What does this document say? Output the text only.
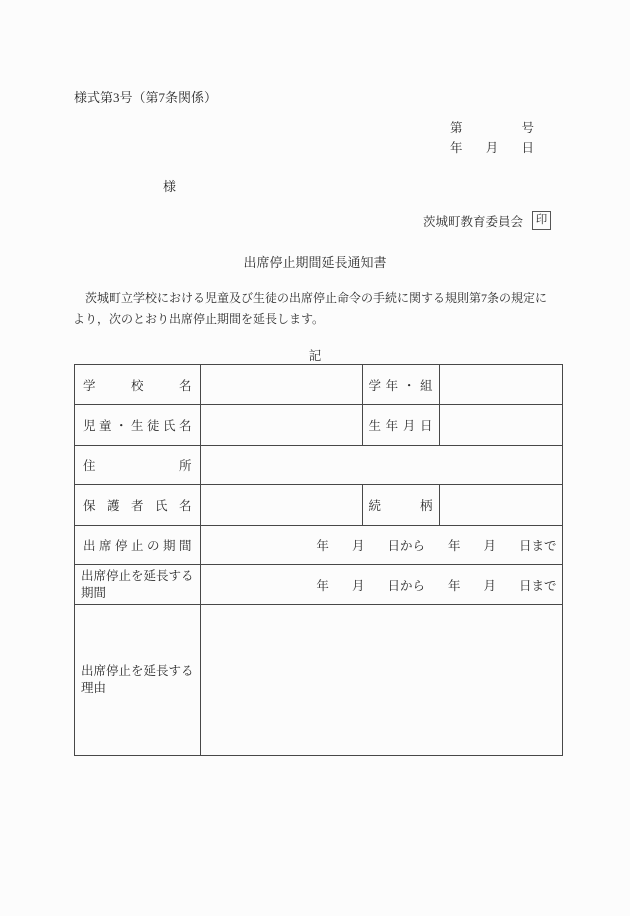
様式第3号（第7条関係）
第	号
年 月 日
様
茨城町教育委員会	印
出席停止期間延長通知書
　茨城町立学校における児童及び生徒の出席停止命令の手続に関する規則第7条の規定に
より，次のとおり出席停止期間を延長します。
記
学校名		学年・組	
児童・生徒氏名		生年月日	
住所			
保護者氏名		続柄	
出席停止の期間	年 月 日から 年 月 日まで

出席停止を延長する
期間	年 月 日から 年 月 日まで

出席停止を延長する
理由			
